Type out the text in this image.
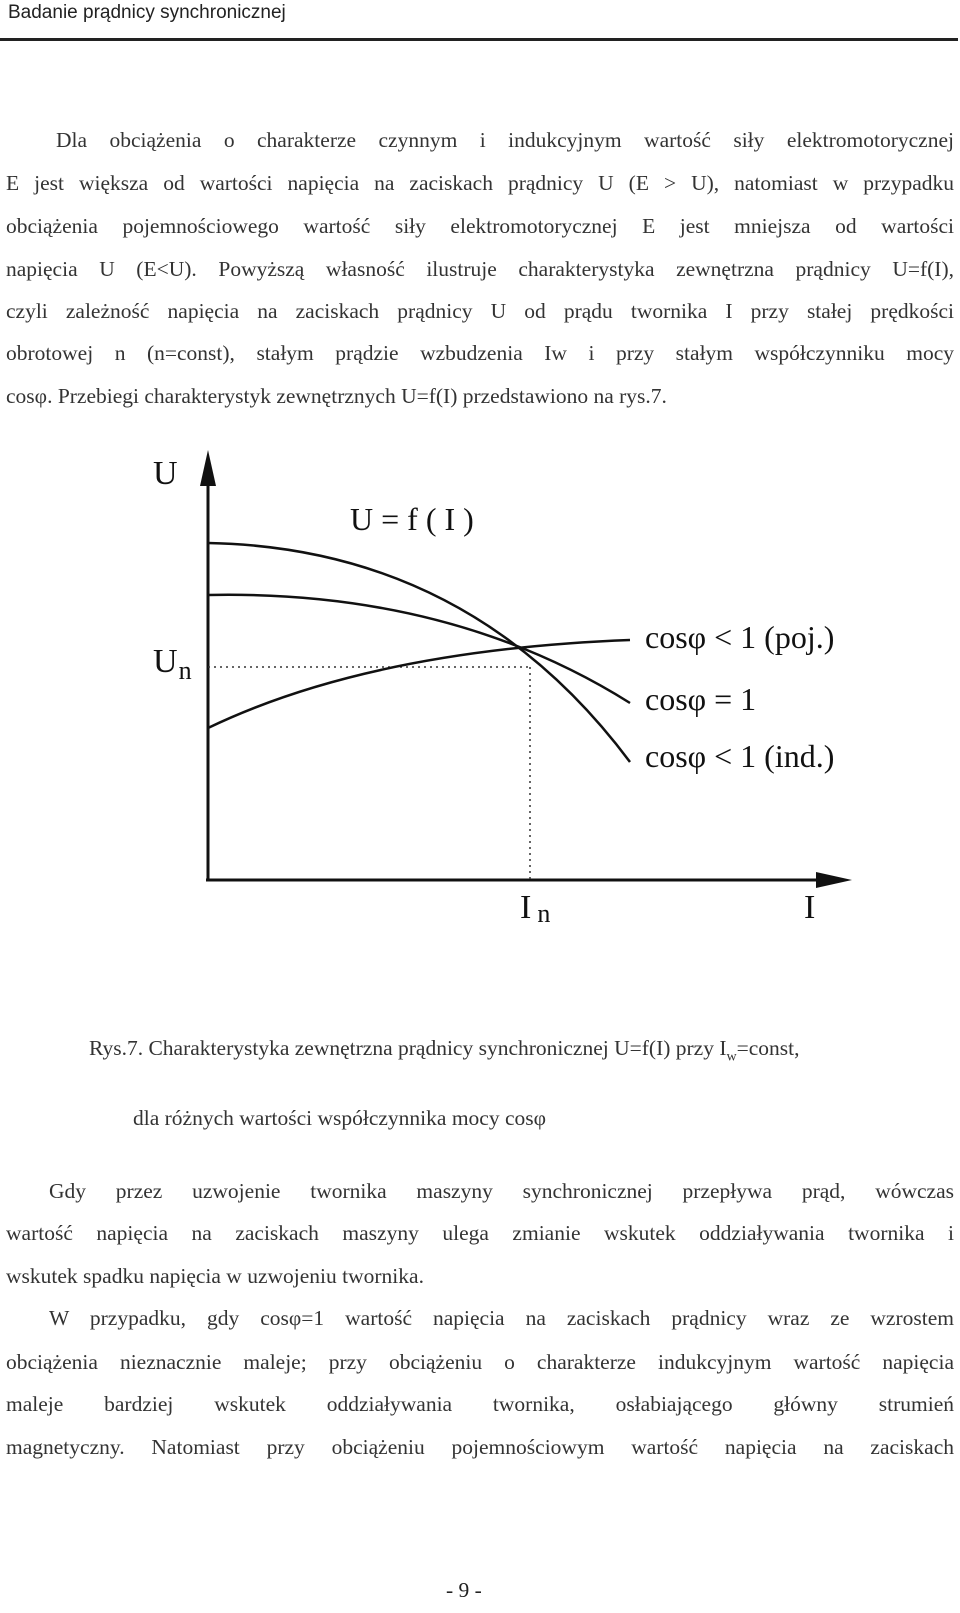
Badanie prądnicy synchronicznej
Dla obciążenia o charakterze czynnym i indukcyjnym wartość siły elektromotorycznej
E jest większa od wartości napięcia na zaciskach prądnicy U (E > U), natomiast w przypadku
obciążenia pojemnościowego wartość siły elektromotorycznej E jest mniejsza od wartości
napięcia U (E<U). Powyższą własność ilustruje charakterystyka zewnętrzna prądnicy U=f(I),
czyli zależność napięcia na zaciskach prądnicy U od prądu twornika I przy stałej prędkości
obrotowej n (n=const), stałym prądzie wzbudzenia Iw i przy stałym współczynniku mocy
cosφ. Przebiegi charakterystyk zewnętrznych U=f(I) przedstawiono na rys.7.
U
U = f ( I )
$U_n$
cosφ < 1 (poj.)
cosφ = 1
cosφ < 1 (ind.)
I n	I
Rys.7. Charakterystyka zewnętrzna prądnicy synchronicznej U=f(I) przy $I_w=const$,
dla różnych wartości współczynnika mocy cosφ
Gdy przez uzwojenie twornika maszyny synchronicznej przepływa prąd, wówczas
wartość napięcia na zaciskach maszyny ulega zmianie wskutek oddziaływania twornika i
wskutek spadku napięcia w uzwojeniu twornika.
W przypadku, gdy cosφ=1 wartość napięcia na zaciskach prądnicy wraz ze wzrostem
obciążenia nieznacznie maleje; przy obciążeniu o charakterze indukcyjnym wartość napięcia
maleje bardziej wskutek oddziaływania twornika, osłabiającego główny strumień
magnetyczny. Natomiast przy obciążeniu pojemnościowym wartość napięcia na zaciskach
- 9 -
